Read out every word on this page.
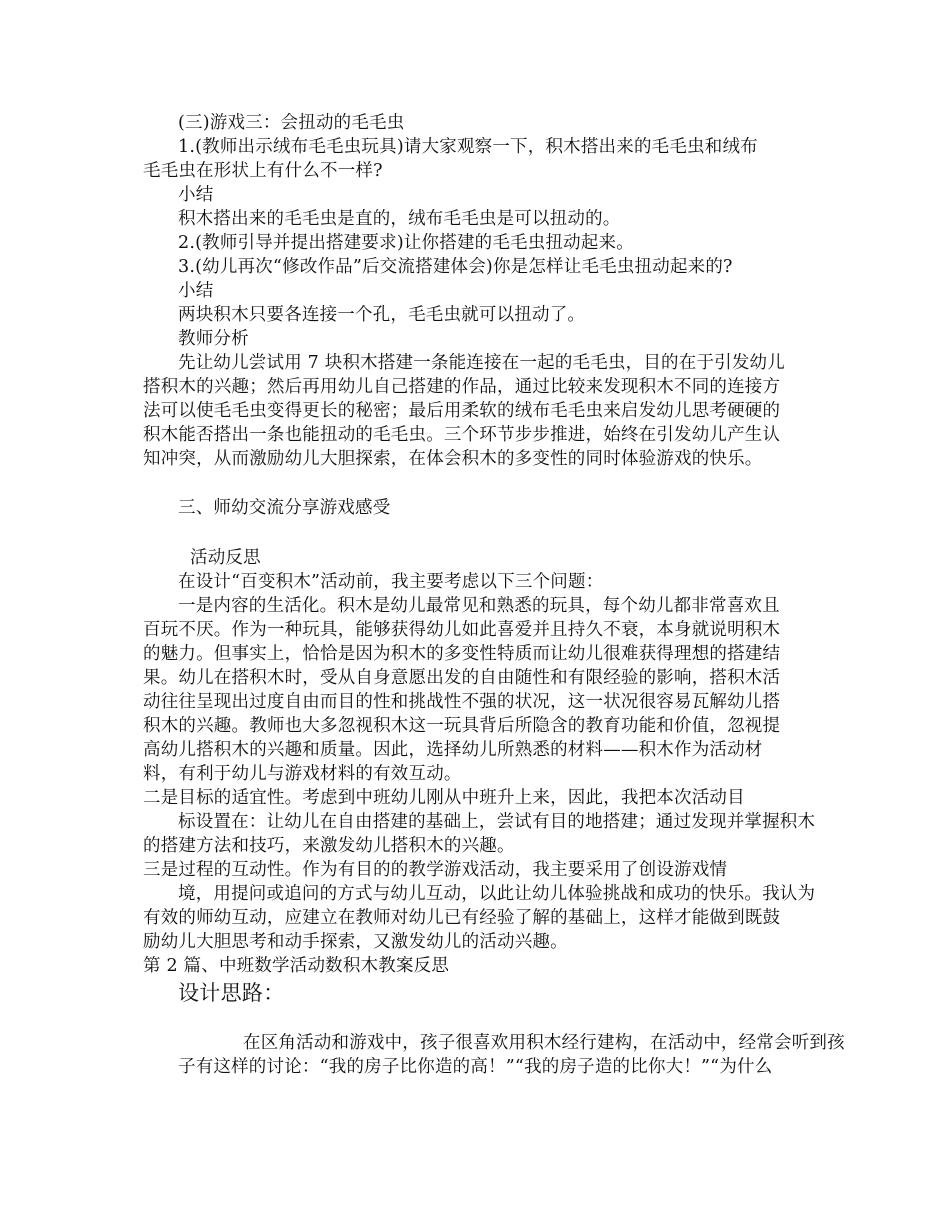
(三)游戏三：会扭动的毛毛虫
1.(教师出示绒布毛毛虫玩具)请大家观察一下，积木搭出来的毛毛虫和绒布
毛毛虫在形状上有什么不一样?
小结
积木搭出来的毛毛虫是直的，绒布毛毛虫是可以扭动的。
2.(教师引导并提出搭建要求)让你搭建的毛毛虫扭动起来。
3.(幼儿再次“修改作品”后交流搭建体会)你是怎样让毛毛虫扭动起来的?
小结
两块积木只要各连接一个孔，毛毛虫就可以扭动了。
教师分析
先让幼儿尝试用 7 块积木搭建一条能连接在一起的毛毛虫，目的在于引发幼儿
搭积木的兴趣；然后再用幼儿自己搭建的作品，通过比较来发现积木不同的连接方
法可以使毛毛虫变得更长的秘密；最后用柔软的绒布毛毛虫来启发幼儿思考硬硬的
积木能否搭出一条也能扭动的毛毛虫。三个环节步步推进，始终在引发幼儿产生认
知冲突，从而激励幼儿大胆探索，在体会积木的多变性的同时体验游戏的快乐。
三、师幼交流分享游戏感受
活动反思
在设计“百变积木”活动前，我主要考虑以下三个问题：
一是内容的生活化。积木是幼儿最常见和熟悉的玩具，每个幼儿都非常喜欢且
百玩不厌。作为一种玩具，能够获得幼儿如此喜爱并且持久不衰，本身就说明积木
的魅力。但事实上，恰恰是因为积木的多变性特质而让幼儿很难获得理想的搭建结
果。幼儿在搭积木时，受从自身意愿出发的自由随性和有限经验的影响，搭积木活
动往往呈现出过度自由而目的性和挑战性不强的状况，这一状况很容易瓦解幼儿搭
积木的兴趣。教师也大多忽视积木这一玩具背后所隐含的教育功能和价值，忽视提
高幼儿搭积木的兴趣和质量。因此，选择幼儿所熟悉的材料——积木作为活动材
料，有利于幼儿与游戏材料的有效互动。
二是目标的适宜性。考虑到中班幼儿刚从中班升上来，因此，我把本次活动目
标设置在：让幼儿在自由搭建的基础上，尝试有目的地搭建；通过发现并掌握积木
的搭建方法和技巧，来激发幼儿搭积木的兴趣。
三是过程的互动性。作为有目的的教学游戏活动，我主要采用了创设游戏情
境，用提问或追问的方式与幼儿互动，以此让幼儿体验挑战和成功的快乐。我认为
有效的师幼互动，应建立在教师对幼儿已有经验了解的基础上，这样才能做到既鼓
励幼儿大胆思考和动手探索，又激发幼儿的活动兴趣。
第 2 篇、中班数学活动数积木教案反思
设计思路：
在区角活动和游戏中，孩子很喜欢用积木经行建构，在活动中，经常会听到孩
子有这样的讨论：“我的房子比你造的高！”“我的房子造的比你大！”“为什么
